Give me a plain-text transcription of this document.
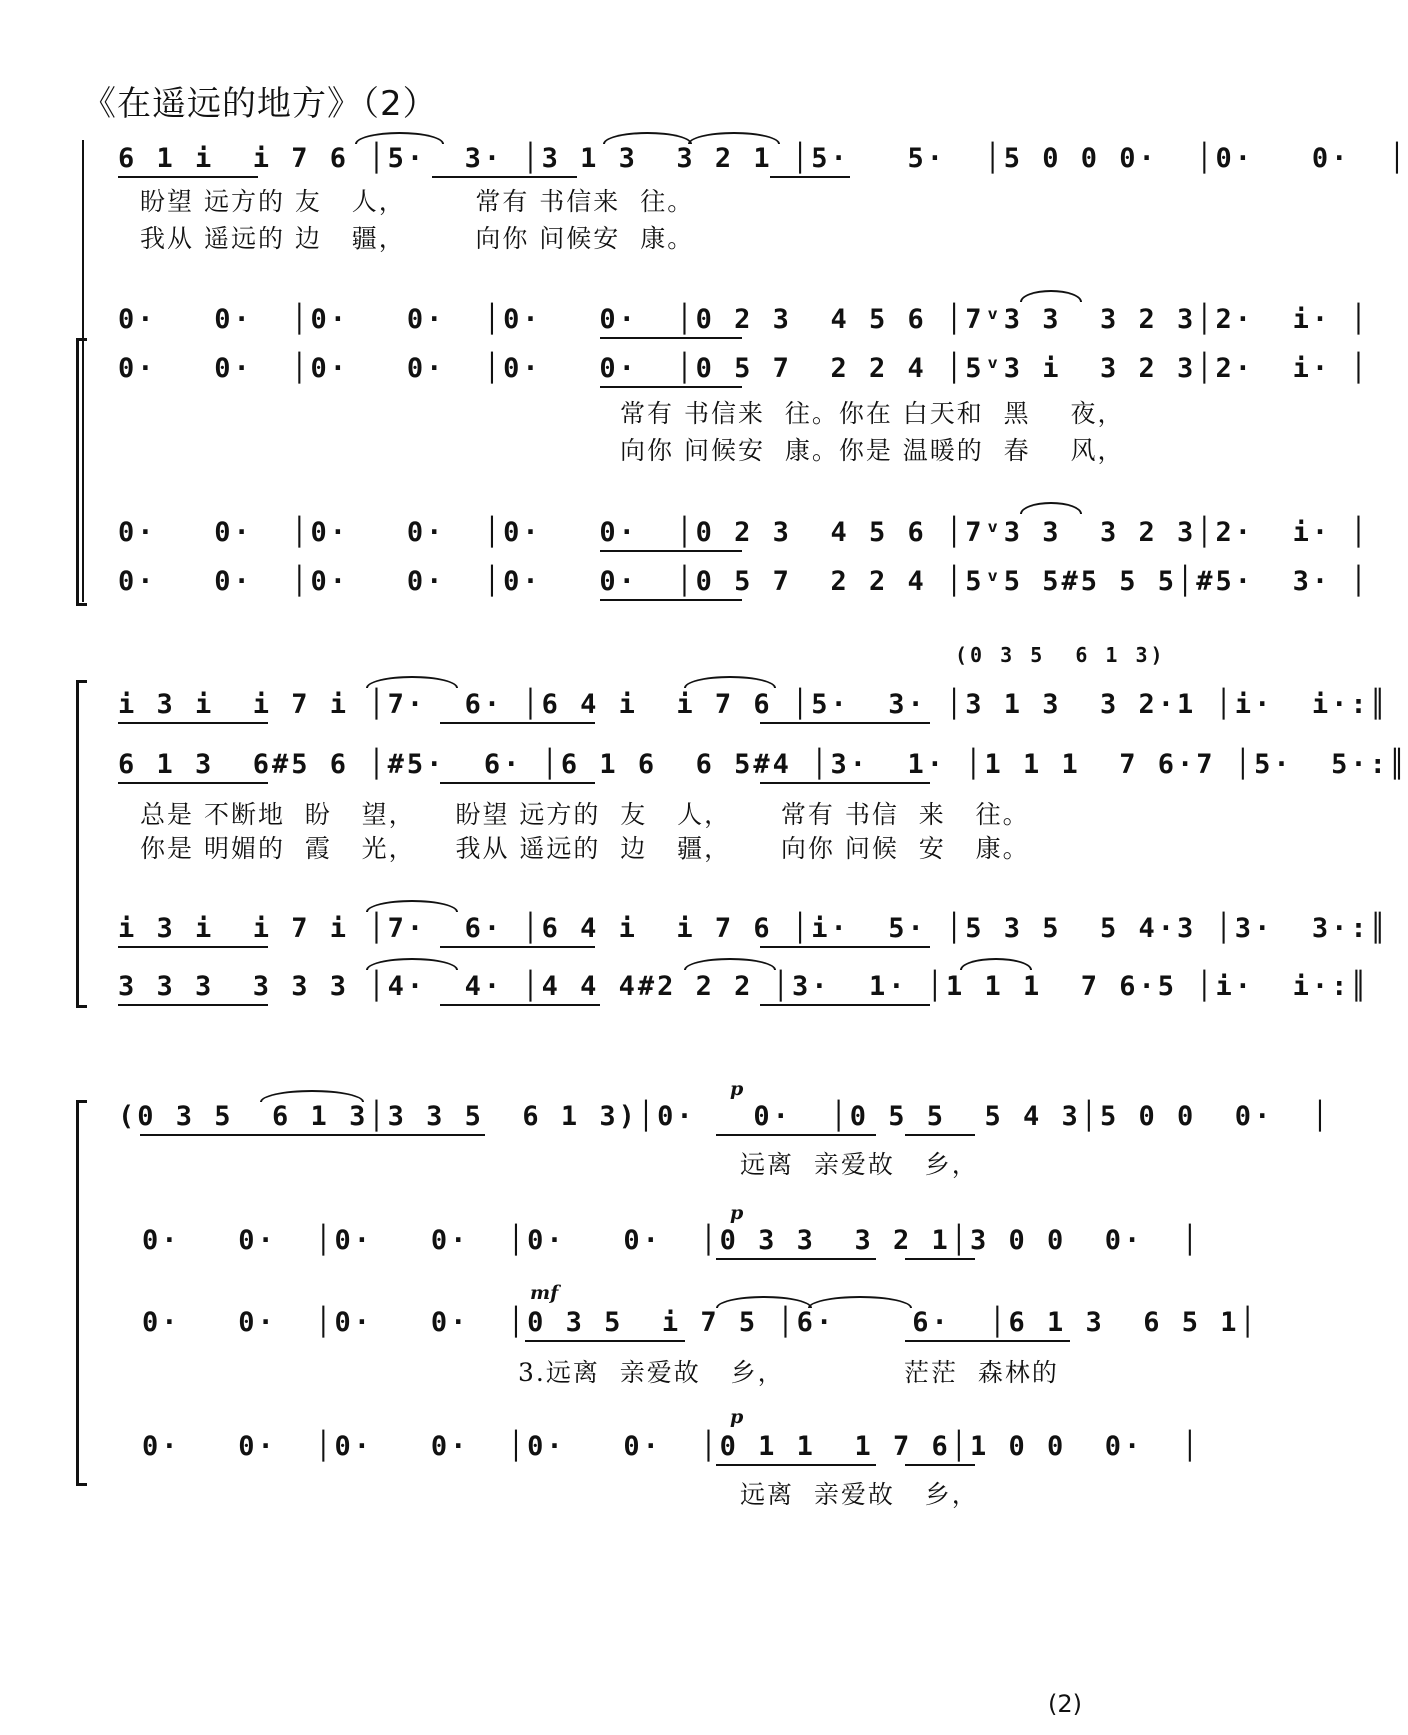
《在遥远的地方》（2）
6 1 i  i 7 6 │5·  3· │3 1 3  3 2 1 │5·   5·  │5 0 0 0·  │0·   0·  │
盼望 远方的 友   人，       常有 书信来  往。
我从 遥远的 边   疆，       向你 问候安  康。
0·   0·  │0·   0·  │0·   0·  │0 2 3  4 5 6 │7ᵛ3 3  3 2 3│2·  i· │
0·   0·  │0·   0·  │0·   0·  │0 5 7  2 2 4 │5ᵛ3 i  3 2 3│2·  i· │
常有 书信来  往。你在 白天和  黑    夜，
向你 问候安  康。你是 温暖的  春    风，
0·   0·  │0·   0·  │0·   0·  │0 2 3  4 5 6 │7ᵛ3 3  3 2 3│2·  i· │
0·   0·  │0·   0·  │0·   0·  │0 5 7  2 2 4 │5ᵛ5 5#5 5 5│#5·  3· │
(0 3 5  6 1 3)
i 3 i  i 7 i │7·  6· │6 4 i  i 7 6 │5·  3· │3 1 3  3 2·1 │i·  i·:║
6 1 3  6#5 6 │#5·  6· │6 1 6  6 5#4 │3·  1· │1 1 1  7 6·7 │5·  5·:║
总是 不断地  盼   望，    盼望 远方的  友   人，     常有 书信  来   往。
你是 明媚的  霞   光，    我从 遥远的  边   疆，     向你 问候  安   康。
i 3 i  i 7 i │7·  6· │6 4 i  i 7 6 │i·  5· │5 3 5  5 4·3 │3·  3·:║
3 3 3  3 3 3 │4·  4· │4 4 4#2 2 2 │3·  1· │1 1 1  7 6·5 │i·  i·:║
p
(0 3 5  6 1 3│3 3 5  6 1 3)│0·   0·  │0 5 5  5 4 3│5 0 0  0·  │
远离  亲爱故   乡，
p
0·   0·  │0·   0·  │0·   0·  │0 3 3  3 2 1│3 0 0  0·  │
mf
0·   0·  │0·   0·  │0 3 5  i 7 5 │6·    6·  │6 1 3  6 5 1│
3.远离  亲爱故   乡，            茫茫  森林的
p
0·   0·  │0·   0·  │0·   0·  │0 1 1  1 7 6│1 0 0  0·  │
远离  亲爱故   乡，
(2)
